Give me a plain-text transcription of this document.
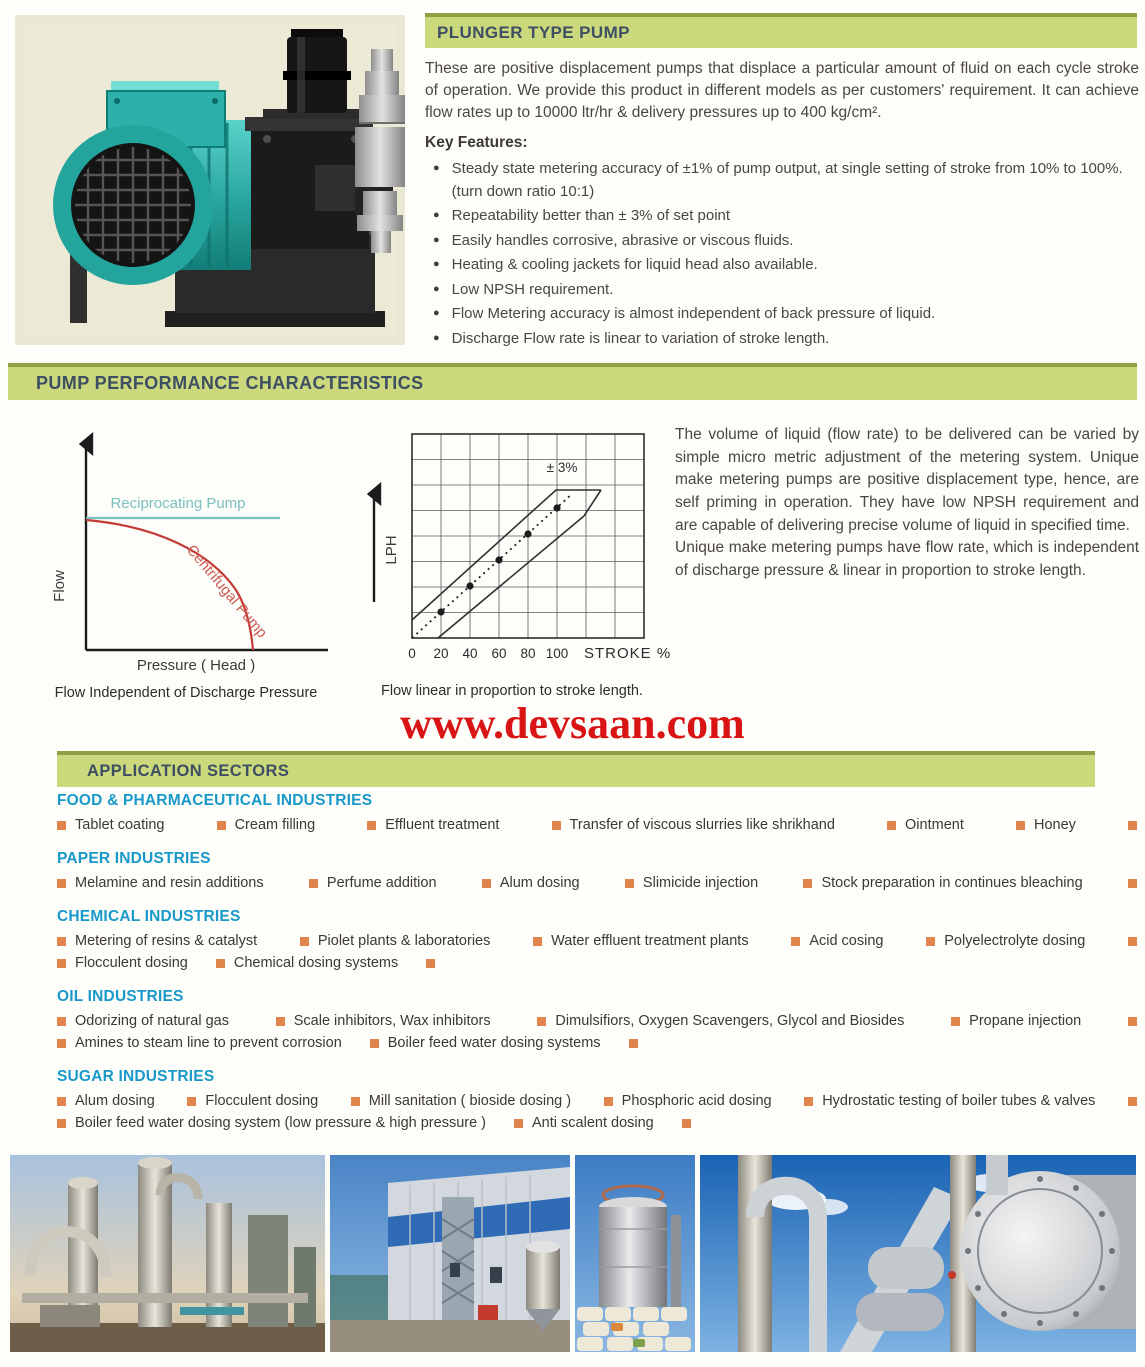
PLUNGER TYPE PUMP

These are positive displacement pumps that displace a particular amount of fluid on each cycle stroke of operation. We provide this product in different models as per customers' requirement. It can achieve flow rates up to 10000 ltr/hr & delivery pressures up to 400 kg/cm².

Key Features:
● Steady state metering accuracy of ±1% of pump output, at single setting of stroke from 10% to 100%. (turn down ratio 10:1)
● Repeatability better than ± 3% of set point
● Easily handles corrosive, abrasive or viscous fluids.
● Heating & cooling jackets for liquid head also available.
● Low NPSH requirement.
● Flow Metering accuracy is almost independent of back pressure of liquid.
● Discharge Flow rate is linear to variation of stroke length.
PUMP PERFORMANCE CHARACTERISTICS
Reciprocating Pump
Centrifugal Pump
Flow
Pressure ( Head )
Flow Independent of Discharge Pressure
± 3%
LPH
0 20 40 60 80 100 STROKE %
Flow linear in proportion to stroke length.

The volume of liquid (flow rate) to be delivered can be varied by simple micro metric adjustment of the metering system. Unique make metering pumps are positive displacement type, hence, are self priming in operation. They have low NPSH requirement and are capable of delivering precise volume of liquid in specified time.

Unique make metering pumps have flow rate, which is independent of discharge pressure & linear in proportion to stroke length.

www.devsaan.com
APPLICATION SECTORS
FOOD & PHARMACEUTICAL INDUSTRIES
Tablet coating	Cream filling	Effluent treatment	Transfer of viscous slurries like shrikhand	Ointment	Honey
PAPER INDUSTRIES
Melamine and resin additions	Perfume addition	Alum dosing	Slimicide injection	Stock preparation in continues bleaching
CHEMICAL INDUSTRIES
Metering of resins & catalyst	Piolet plants & laboratories	Water effluent treatment plants	Acid cosing	Polyelectrolyte dosing
Flocculent dosing	Chemical dosing systems
OIL INDUSTRIES
Odorizing of natural gas	Scale inhibitors, Wax inhibitors	Dimulsifiors, Oxygen Scavengers, Glycol and Biosides	Propane injection
Amines to steam line to prevent corrosion	Boiler feed water dosing systems
SUGAR INDUSTRIES
Alum dosing	Flocculent dosing	Mill sanitation ( bioside dosing )	Phosphoric acid dosing	Hydrostatic testing of boiler tubes & valves
Boiler feed water dosing system (low pressure & high pressure )	Anti scalent dosing
